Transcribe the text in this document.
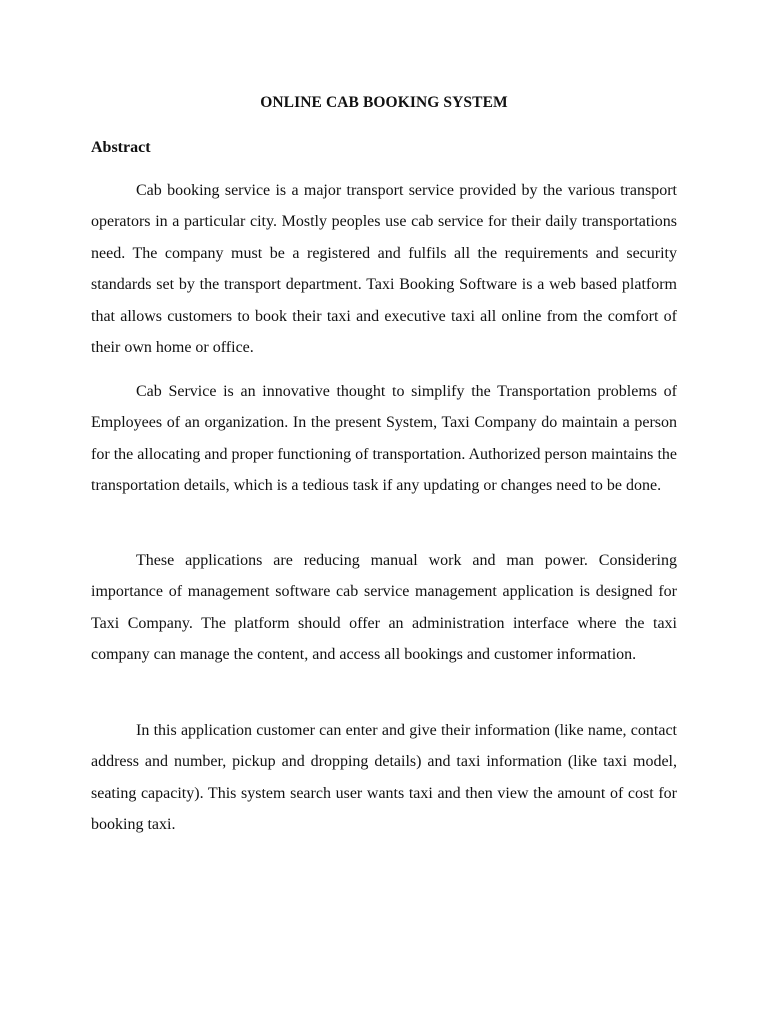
ONLINE CAB BOOKING SYSTEM
Abstract

Cab booking service is a major transport service provided by the various transport operators in a particular city. Mostly peoples use cab service for their daily transportations need. The company must be a registered and fulfils all the requirements and security standards set by the transport department. Taxi Booking Software is a web based platform that allows customers to book their taxi and executive taxi all online from the comfort of their own home or office.

Cab Service is an innovative thought to simplify the Transportation problems of Employees of an organization. In the present System, Taxi Company do maintain a person for the allocating and proper functioning of transportation. Authorized person maintains the transportation details, which is a tedious task if any updating or changes need to be done.

These applications are reducing manual work and man power. Considering importance of management software cab service management application is designed for Taxi Company. The platform should offer an administration interface where the taxi company can manage the content, and access all bookings and customer information.

In this application customer can enter and give their information (like name, contact address and number, pickup and dropping details) and taxi information (like taxi model, seating capacity). This system search user wants taxi and then view the amount of cost for booking taxi.
